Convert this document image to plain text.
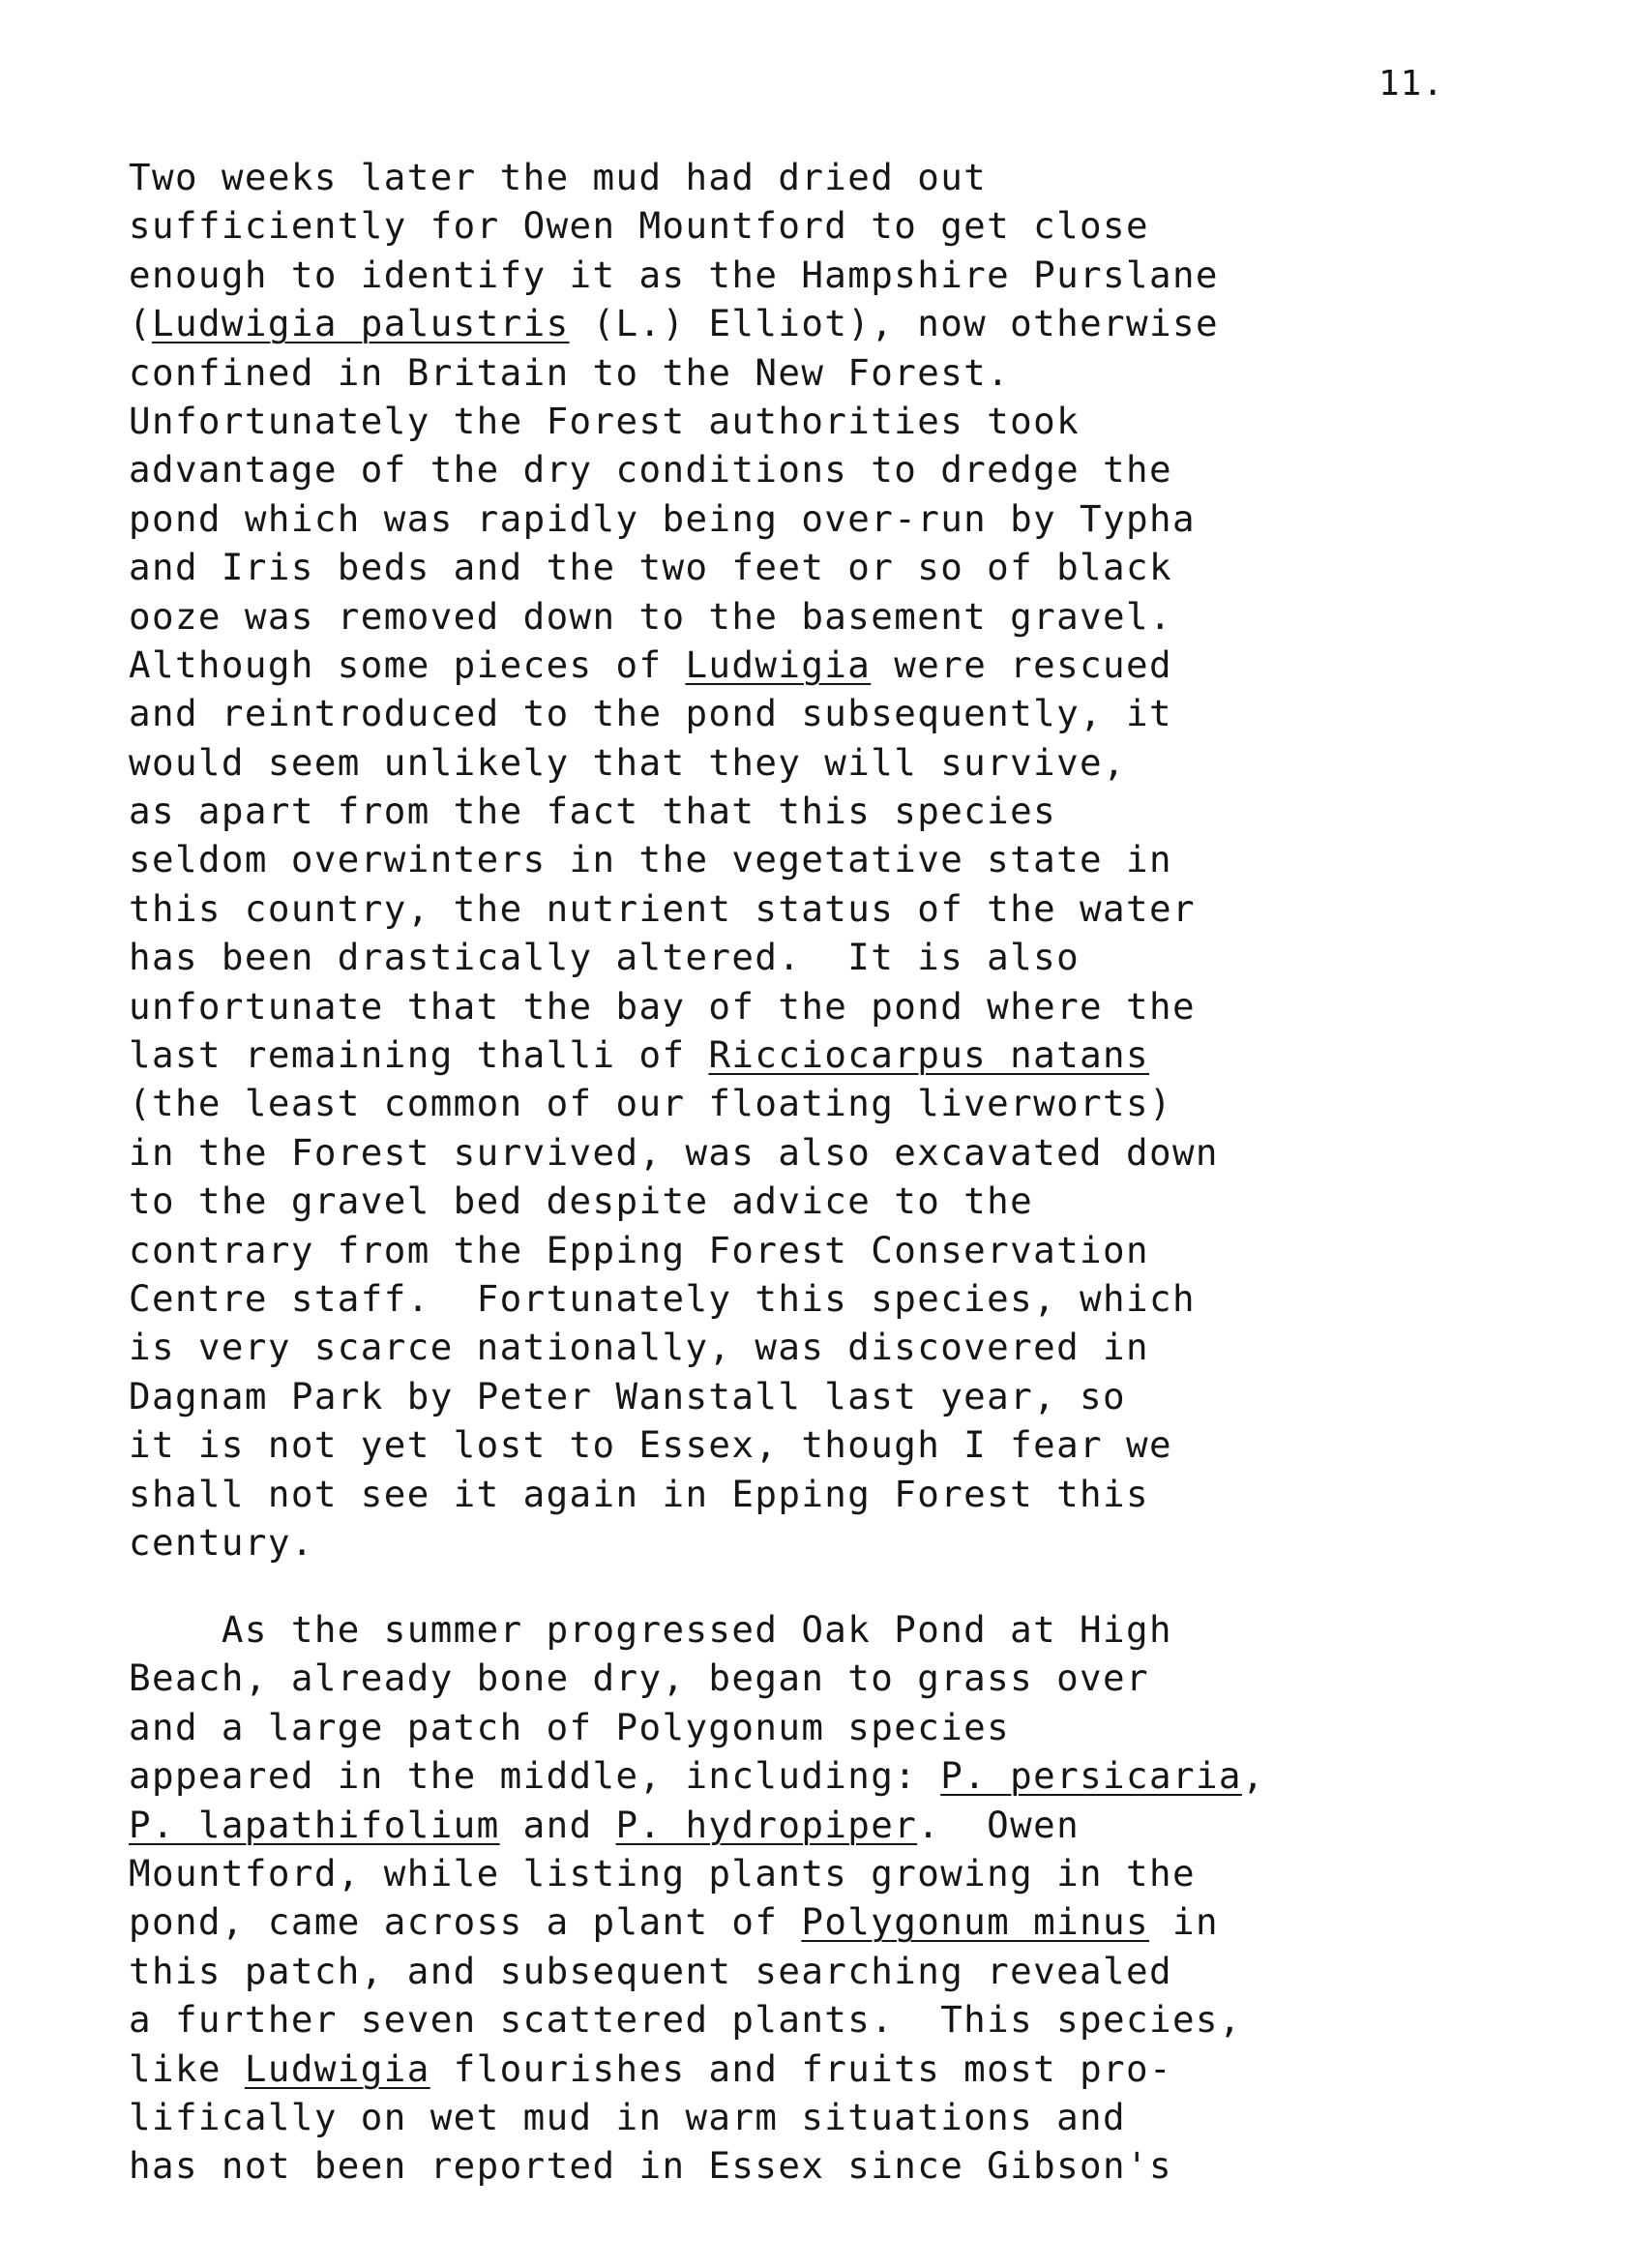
11.
Two weeks later the mud had dried out
sufficiently for Owen Mountford to get close
enough to identify it as the Hampshire Purslane
(Ludwigia palustris (L.) Elliot), now otherwise
confined in Britain to the New Forest.
Unfortunately the Forest authorities took
advantage of the dry conditions to dredge the
pond which was rapidly being over-run by Typha
and Iris beds and the two feet or so of black
ooze was removed down to the basement gravel.
Although some pieces of Ludwigia were rescued
and reintroduced to the pond subsequently, it
would seem unlikely that they will survive,
as apart from the fact that this species
seldom overwinters in the vegetative state in
this country, the nutrient status of the water
has been drastically altered.  It is also
unfortunate that the bay of the pond where the
last remaining thalli of Ricciocarpus natans
(the least common of our floating liverworts)
in the Forest survived, was also excavated down
to the gravel bed despite advice to the
contrary from the Epping Forest Conservation
Centre staff.  Fortunately this species, which
is very scarce nationally, was discovered in
Dagnam Park by Peter Wanstall last year, so
it is not yet lost to Essex, though I fear we
shall not see it again in Epping Forest this
century.
As the summer progressed Oak Pond at High
Beach, already bone dry, began to grass over
and a large patch of Polygonum species
appeared in the middle, including: P. persicaria,
P. lapathifolium and P. hydropiper.  Owen
Mountford, while listing plants growing in the
pond, came across a plant of Polygonum minus in
this patch, and subsequent searching revealed
a further seven scattered plants.  This species,
like Ludwigia flourishes and fruits most pro-
lifically on wet mud in warm situations and
has not been reported in Essex since Gibson's
